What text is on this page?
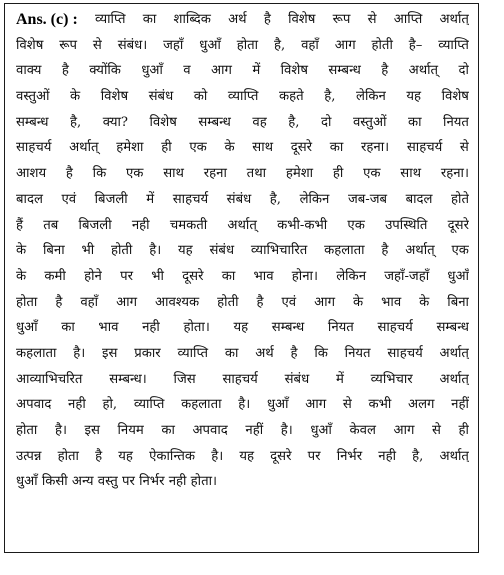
Ans. (c) : व्याप्ति का शाब्दिक अर्थ है विशेष रूप से आप्ति अर्थात्
विशेष रूप से संबंध। जहाँ धुआँ होता है, वहाँ आग होती है– व्याप्ति
वाक्य है क्योंकि धुआँ व आग में विशेष सम्बन्ध है अर्थात् दो
वस्तुओं के विशेष संबंध को व्याप्ति कहते है, लेकिन यह विशेष
सम्बन्ध है, क्या? विशेष सम्बन्ध वह है, दो वस्तुओं का नियत
साहचर्य अर्थात् हमेशा ही एक के साथ दूसरे का रहना। साहचर्य से
आशय है कि एक साथ रहना तथा हमेशा ही एक साथ रहना।
बादल एवं बिजली में साहचर्य संबंध है, लेकिन जब-जब बादल होते
हैं तब बिजली नही चमकती अर्थात् कभी-कभी एक उपस्थिति दूसरे
के बिना भी होती है। यह संबंध व्याभिचारित कहलाता है अर्थात् एक
के कमी होने पर भी दूसरे का भाव होना। लेकिन जहाँ-जहाँ धुआँ
होता है वहाँ आग आवश्यक होती है एवं आग के भाव के बिना
धुआँ का भाव नही होता। यह सम्बन्ध नियत साहचर्य सम्बन्ध
कहलाता है। इस प्रकार व्याप्ति का अर्थ है कि नियत साहचर्य अर्थात्
आव्याभिचरित सम्बन्ध। जिस साहचर्य संबंध में व्यभिचार अर्थात्
अपवाद नही हो, व्याप्ति कहलाता है। धुआँ आग से कभी अलग नहीं
होता है। इस नियम का अपवाद नहीं है। धुआँ केवल आग से ही
उत्पन्न होता है यह ऐकान्तिक है। यह दूसरे पर निर्भर नही है, अर्थात्
धुआँ किसी अन्य वस्तु पर निर्भर नही होता।
